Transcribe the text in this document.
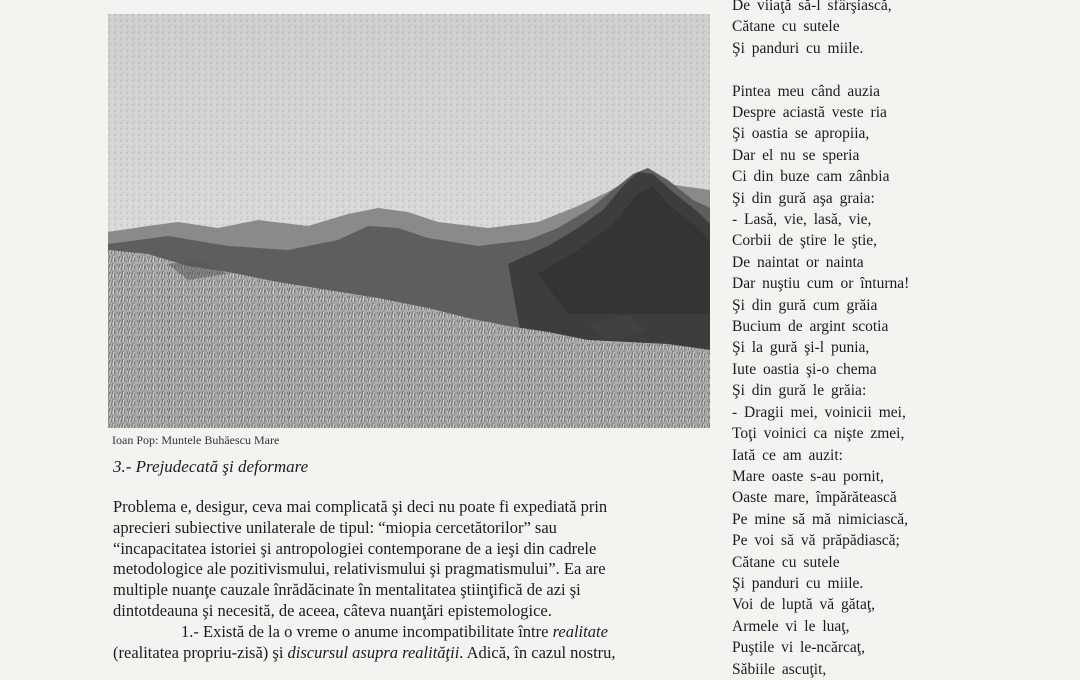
Ioan Pop: Muntele Buhăescu Mare
3.- Prejudecată şi deformare

Problema e, desigur, ceva mai complicată şi deci nu poate fi expediată prin

aprecieri subiective unilaterale de tipul: “miopia cercetătorilor” sau

“incapacitatea istoriei şi antropologiei contemporane de a ieşi din cadrele

metodologice ale pozitivismului, relativismului şi pragmatismului”. Ea are

multiple nuanţe cauzale înrădăcinate în mentalitatea ştiinţifică de azi şi

dintotdeauna şi necesită, de aceea, câteva nuanţări epistemologice.

1.- Există de la o vreme o anume incompatibilitate între realitate

(realitatea propriu-zisă) şi discursul asupra realităţii. Adică, în cazul nostru,

De viiaţă să-l sfârşiască,
Cătane cu sutele
Şi panduri cu miile.
Pintea meu când auzia
Despre aciastă veste ria
Şi oastia se apropiia,
Dar el nu se speria
Ci din buze cam zânbia
Şi din gură aşa graia:
- Lasă, vie, lasă, vie,
Corbii de ştire le ştie,
De naintat or nainta
Dar nuştiu cum or înturna!
Şi din gură cum grăia
Bucium de argint scotia
Şi la gură şi-l punia,
Iute oastia şi-o chema
Şi din gură le grăia:
- Dragii mei, voinicii mei,
Toţi voinici ca nişte zmei,
Iată ce am auzit:
Mare oaste s-au pornit,
Oaste mare, împărătească
Pe mine să mă nimiciască,
Pe voi să vă prăpădiască;
Cătane cu sutele
Şi panduri cu miile.
Voi de luptă vă gătaţ,
Armele vi le luaţ,
Puştile vi le-ncărcaţ,
Săbiile ascuţit,
